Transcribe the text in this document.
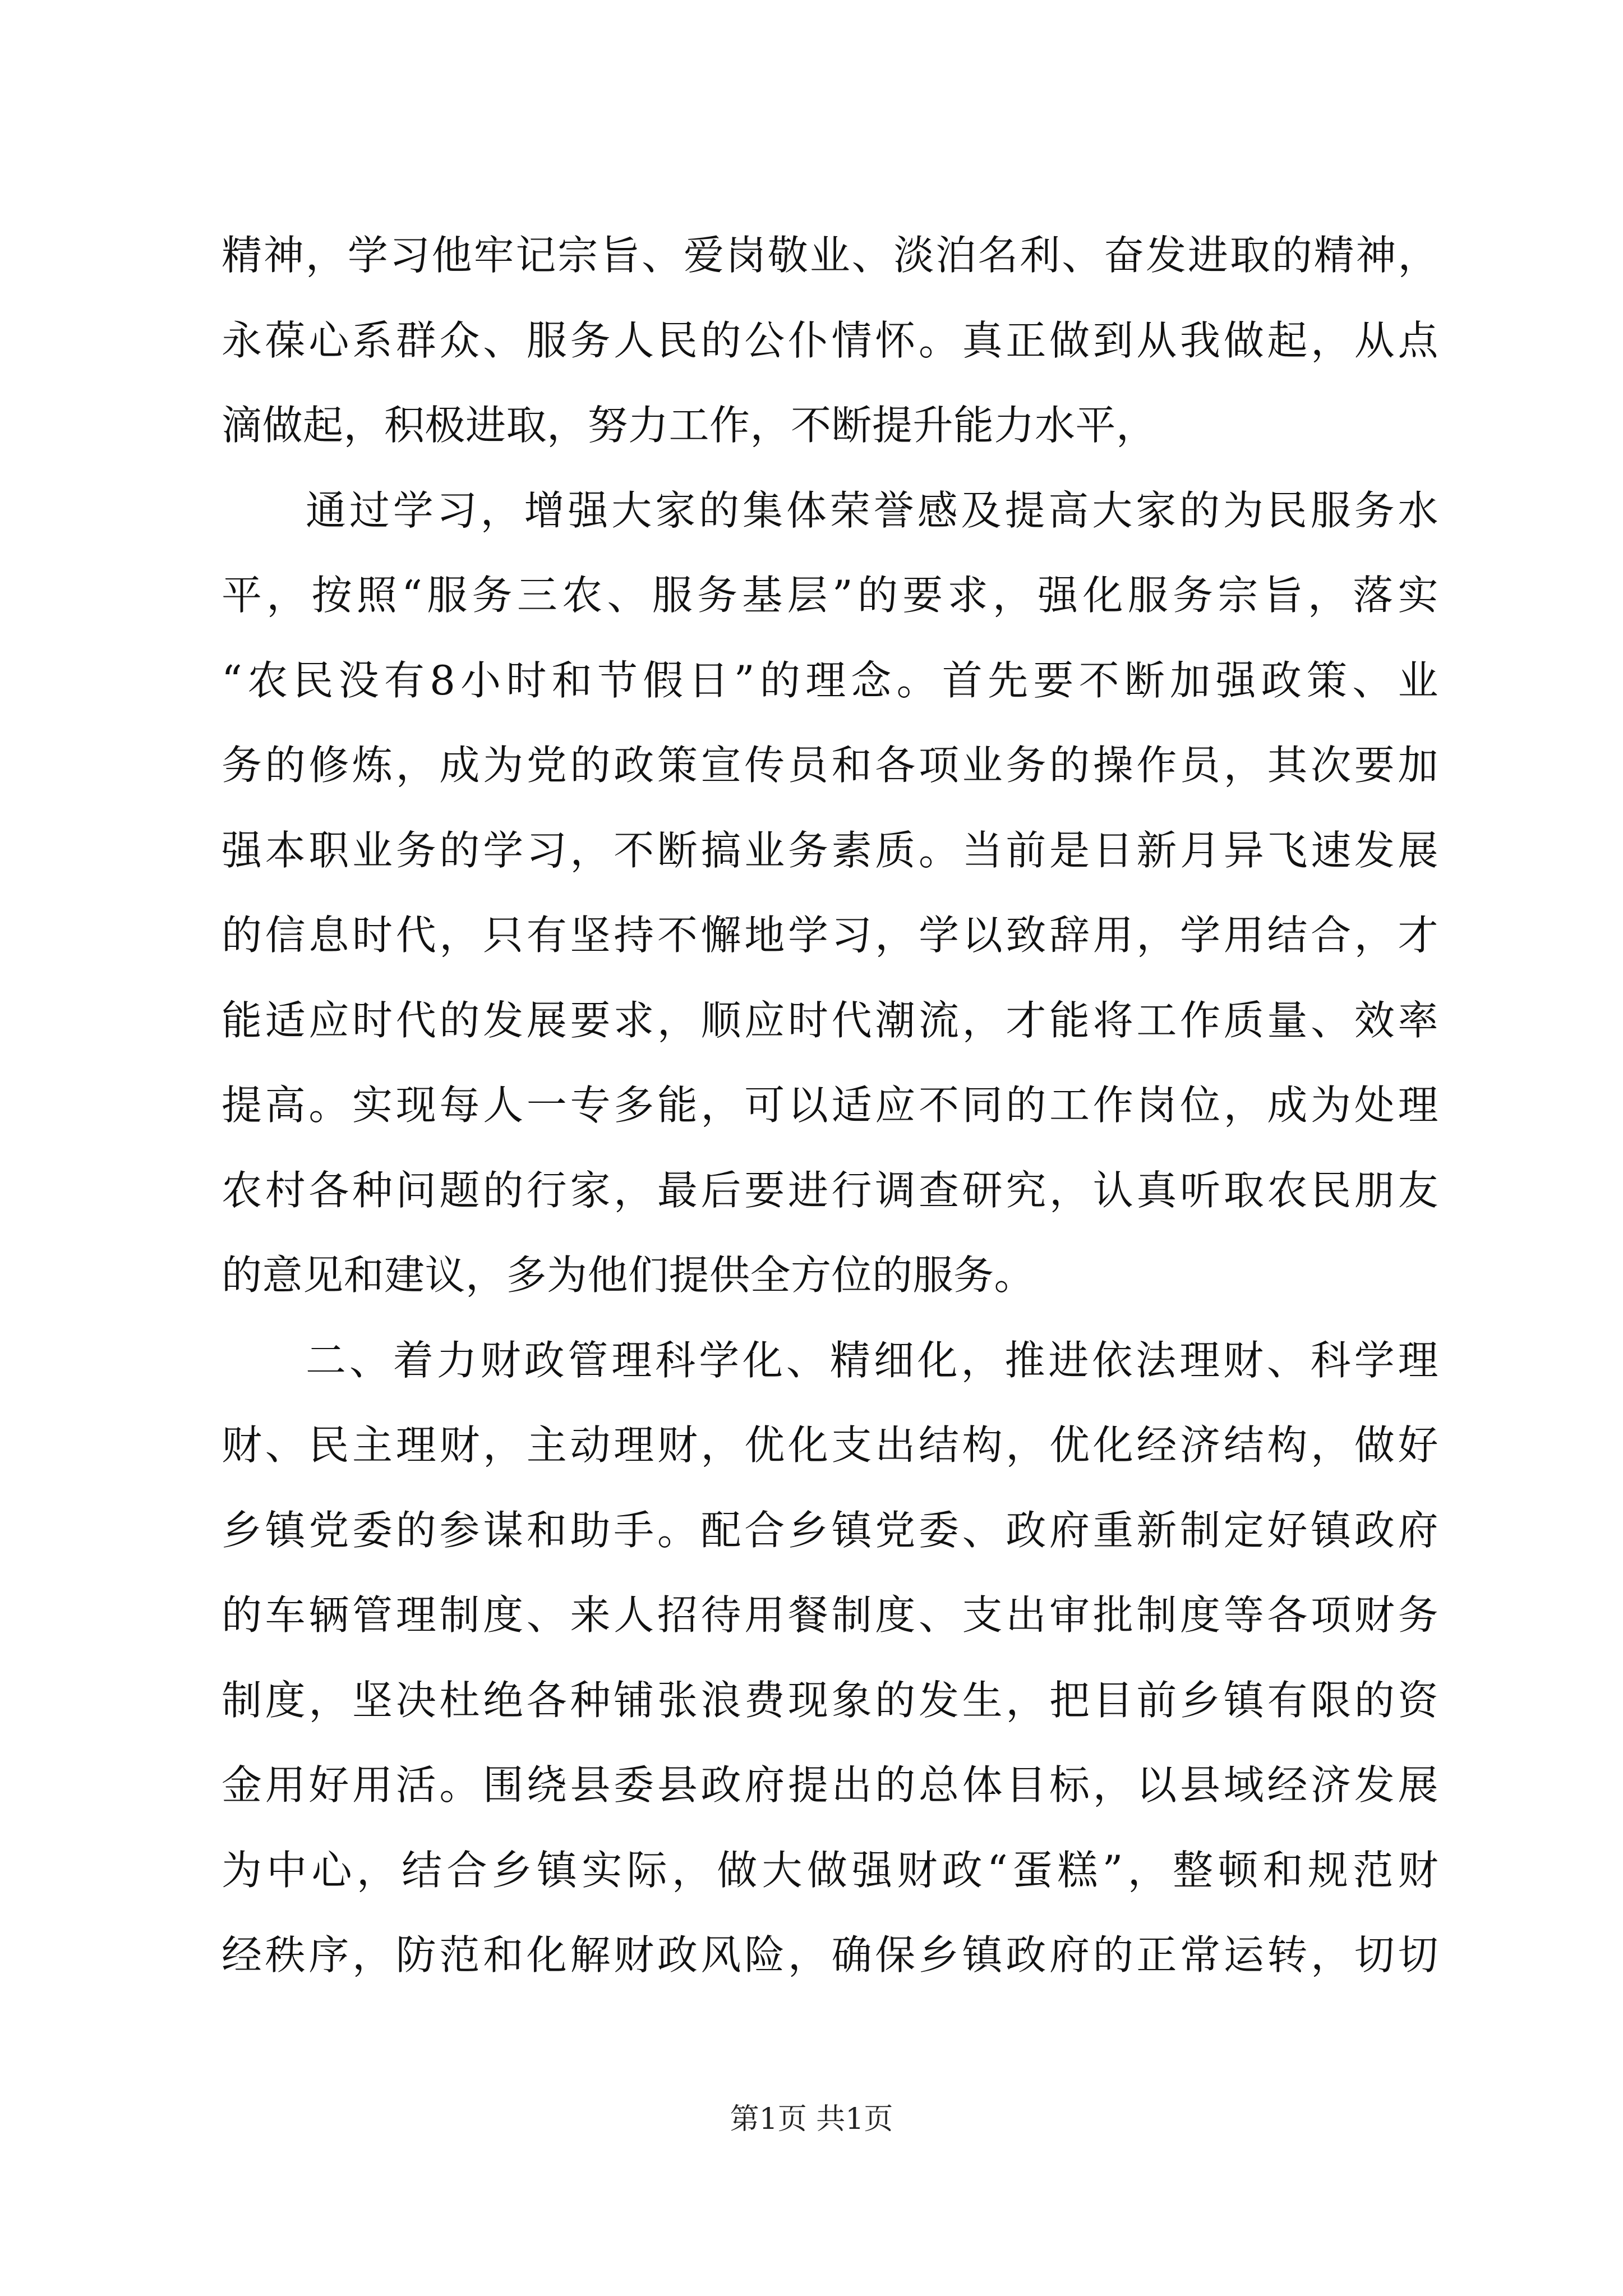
精神，学习他牢记宗旨、爱岗敬业、淡泊名利、奋发进取的精神，
永葆心系群众、服务人民的公仆情怀。真正做到从我做起，从点
滴做起，积极进取，努力工作，不断提升能力水平，
通过学习，增强大家的集体荣誉感及提高大家的为民服务水
平，按照“服务三农、服务基层”的要求，强化服务宗旨，落实
“农民没有8小时和节假日”的理念。首先要不断加强政策、业
务的修炼，成为党的政策宣传员和各项业务的操作员，其次要加
强本职业务的学习，不断搞业务素质。当前是日新月异飞速发展
的信息时代，只有坚持不懈地学习，学以致辞用，学用结合，才
能适应时代的发展要求，顺应时代潮流，才能将工作质量、效率
提高。实现每人一专多能，可以适应不同的工作岗位，成为处理
农村各种问题的行家，最后要进行调查研究，认真听取农民朋友
的意见和建议，多为他们提供全方位的服务。
二、着力财政管理科学化、精细化，推进依法理财、科学理
财、民主理财，主动理财，优化支出结构，优化经济结构，做好
乡镇党委的参谋和助手。配合乡镇党委、政府重新制定好镇政府
的车辆管理制度、来人招待用餐制度、支出审批制度等各项财务
制度，坚决杜绝各种铺张浪费现象的发生，把目前乡镇有限的资
金用好用活。围绕县委县政府提出的总体目标，以县域经济发展
为中心，结合乡镇实际，做大做强财政“蛋糕”，整顿和规范财
经秩序，防范和化解财政风险，确保乡镇政府的正常运转，切切
第1页 共1页
